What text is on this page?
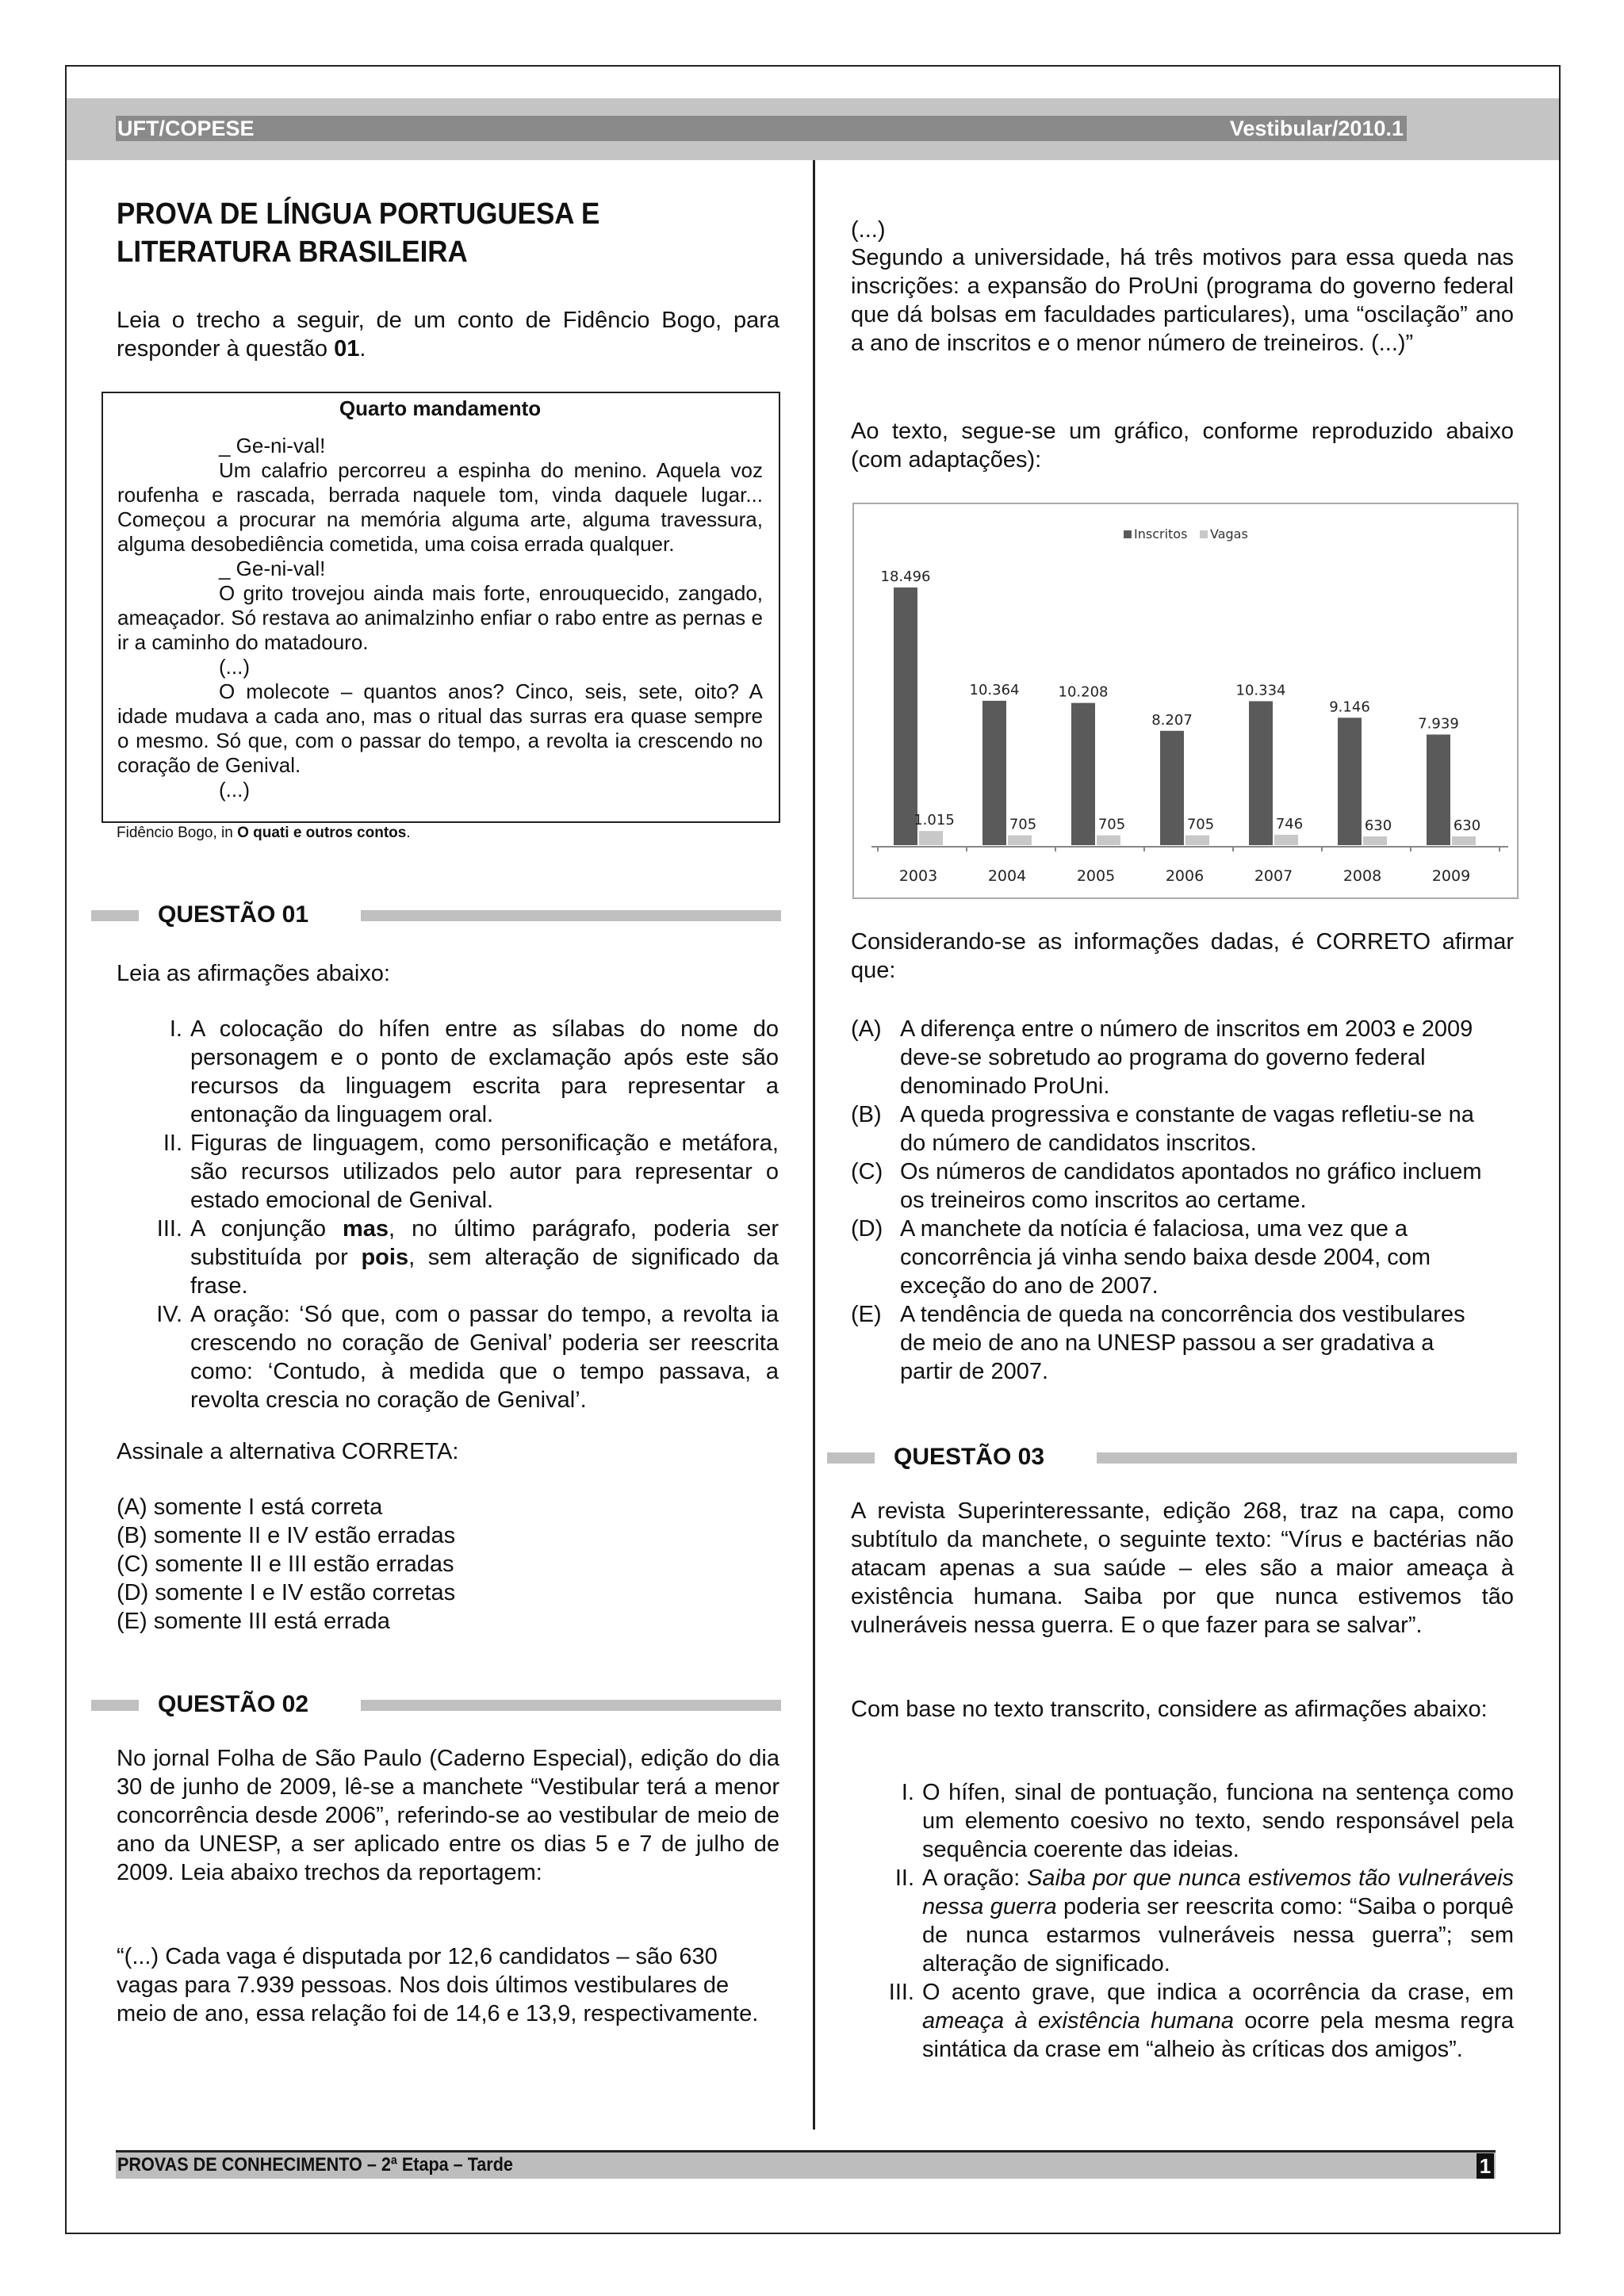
UFT/COPESE	Vestibular/2010.1
PROVA DE LÍNGUA PORTUGUESA E LITERATURA BRASILEIRA
Leia o trecho a seguir, de um conto de Fidêncio Bogo, para responder à questão 01.
Quarto mandamento

_ Ge-ni-val!

Um calafrio percorreu a espinha do menino. Aquela voz roufenha e rascada, berrada naquele tom, vinda daquele lugar... Começou a procurar na memória alguma arte, alguma travessura, alguma desobediência cometida, uma coisa errada qualquer.

_ Ge-ni-val!

O grito trovejou ainda mais forte, enrouquecido, zangado, ameaçador. Só restava ao animalzinho enfiar o rabo entre as pernas e ir a caminho do matadouro.

(...)

O molecote – quantos anos? Cinco, seis, sete, oito? A idade mudava a cada ano, mas o ritual das surras era quase sempre o mesmo. Só que, com o passar do tempo, a revolta ia crescendo no coração de Genival.

(...)

Fidêncio Bogo, in O quati e outros contos.
QUESTÃO 01
Leia as afirmações abaixo:
I. A colocação do hífen entre as sílabas do nome do personagem e o ponto de exclamação após este são recursos da linguagem escrita para representar a entonação da linguagem oral.
II. Figuras de linguagem, como personificação e metáfora, são recursos utilizados pelo autor para representar o estado emocional de Genival.
III. A conjunção mas, no último parágrafo, poderia ser substituída por pois, sem alteração de significado da frase.
IV. A oração: ‘Só que, com o passar do tempo, a revolta ia crescendo no coração de Genival’ poderia ser reescrita como: ‘Contudo, à medida que o tempo passava, a revolta crescia no coração de Genival’.
Assinale a alternativa CORRETA:
(A) somente I está correta
(B) somente II e IV estão erradas
(C) somente II e III estão erradas
(D) somente I e IV estão corretas
(E) somente III está errada
QUESTÃO 02
No jornal Folha de São Paulo (Caderno Especial), edição do dia 30 de junho de 2009, lê-se a manchete “Vestibular terá a menor concorrência desde 2006”, referindo-se ao vestibular de meio de ano da UNESP, a ser aplicado entre os dias 5 e 7 de julho de 2009. Leia abaixo trechos da reportagem:
“(...) Cada vaga é disputada por 12,6 candidatos – são 630 vagas para 7.939 pessoas. Nos dois últimos vestibulares de meio de ano, essa relação foi de 14,6 e 13,9, respectivamente.
(...)
Segundo a universidade, há três motivos para essa queda nas inscrições: a expansão do ProUni (programa do governo federal que dá bolsas em faculdades particulares), uma “oscilação” ano a ano de inscritos e o menor número de treineiros. (...)”
Ao texto, segue-se um gráfico, conforme reproduzido abaixo (com adaptações):
Inscritos Vagas
18.496
1.015
2003
10.364
705
2004
10.208
705
2005
8.207
705
2006
10.334
746
2007
9.146
630
2008
7.939
630
2009
Considerando-se as informações dadas, é CORRETO afirmar que:
(A) A diferença entre o número de inscritos em 2003 e 2009 deve-se sobretudo ao programa do governo federal denominado ProUni.
(B) A queda progressiva e constante de vagas refletiu-se na do número de candidatos inscritos.
(C) Os números de candidatos apontados no gráfico incluem os treineiros como inscritos ao certame.
(D) A manchete da notícia é falaciosa, uma vez que a concorrência já vinha sendo baixa desde 2004, com exceção do ano de 2007.
(E) A tendência de queda na concorrência dos vestibulares de meio de ano na UNESP passou a ser gradativa a partir de 2007.
QUESTÃO 03
A revista Superinteressante, edição 268, traz na capa, como subtítulo da manchete, o seguinte texto: “Vírus e bactérias não atacam apenas a sua saúde – eles são a maior ameaça à existência humana. Saiba por que nunca estivemos tão vulneráveis nessa guerra. E o que fazer para se salvar”.
Com base no texto transcrito, considere as afirmações abaixo:
I. O hífen, sinal de pontuação, funciona na sentença como um elemento coesivo no texto, sendo responsável pela sequência coerente das ideias.
II. A oração: Saiba por que nunca estivemos tão vulneráveis nessa guerra poderia ser reescrita como: “Saiba o porquê de nunca estarmos vulneráveis nessa guerra”; sem alteração de significado.
III. O acento grave, que indica a ocorrência da crase, em ameaça à existência humana ocorre pela mesma regra sintática da crase em “alheio às críticas dos amigos”.
PROVAS DE CONHECIMENTO – 2ª Etapa – Tarde	1
